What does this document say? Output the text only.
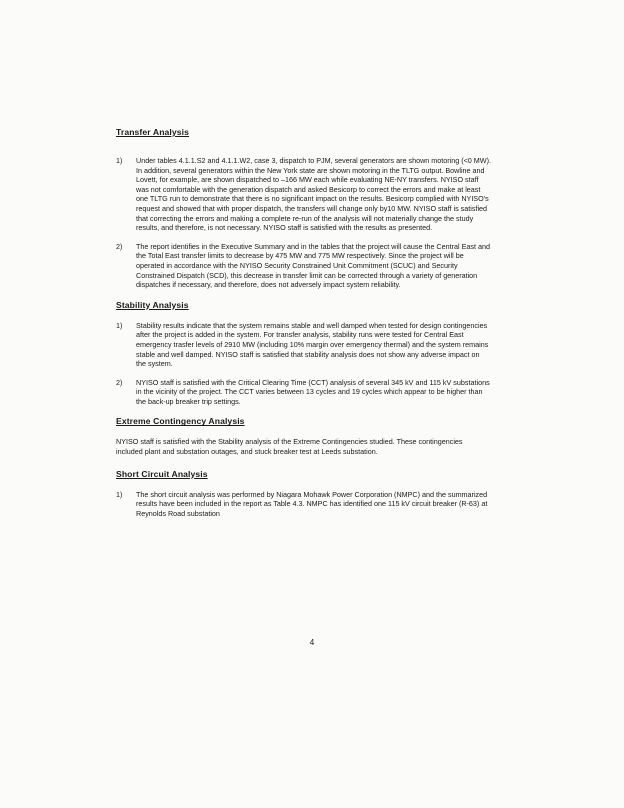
Transfer Analysis
1)	Under tables 4.1.1.S2 and 4.1.1.W2, case 3, dispatch to PJM, several generators are shown motoring (<0 MW). In addition, several generators within the New York state are shown motoring in the TLTG output. Bowline and Lovett, for example, are shown dispatched to –166 MW each while evaluating NE-NY transfers. NYISO staff was not comfortable with the generation dispatch and asked Besicorp to correct the errors and make at least one TLTG run to demonstrate that there is no significant impact on the results. Besicorp complied with NYISO's request and showed that with proper dispatch, the transfers will change only by10 MW. NYISO staff is satisfied that correcting the errors and making a complete re-run of the analysis will not materially change the study results, and therefore, is not necessary. NYISO staff is satisfied with the results as presented.
2)	The report identifies in the Executive Summary and in the tables that the project will cause the Central East and the Total East transfer limits to decrease by 475 MW and 775 MW respectively. Since the project will be operated in accordance with the NYISO Security Constrained Unit Commitment (SCUC) and Security Constrained Dispatch (SCD), this decrease in transfer limit can be corrected through a variety of generation dispatches if necessary, and therefore, does not adversely impact system reliability.
Stability Analysis
1)	Stability results indicate that the system remains stable and well damped when tested for design contingencies after the project is added in the system. For transfer analysis, stability runs were tested for Central East emergency trasfer levels of 2910 MW (including 10% margin over emergency thermal) and the system remains stable and well damped. NYISO staff is satisfied that stability analysis does not show any adverse impact on the system.
2)	NYISO staff is satisfied with the Critical Clearing Time (CCT) analysis of several 345 kV and 115 kV substations in the vicinity of the project. The CCT varies between 13 cycles and 19 cycles which appear to be higher than the back-up breaker trip settings.
Extreme Contingency Analysis
NYISO staff is satisfied with the Stability analysis of the Extreme Contingencies studied. These contingencies included plant and substation outages, and stuck breaker test at Leeds substation.
Short Circuit Analysis
1)	The short circuit analysis was performed by Niagara Mohawk Power Corporation (NMPC) and the summarized results have been included in the report as Table 4.3. NMPC has identified one 115 kV circuit breaker (R-63) at Reynolds Road substation
4
